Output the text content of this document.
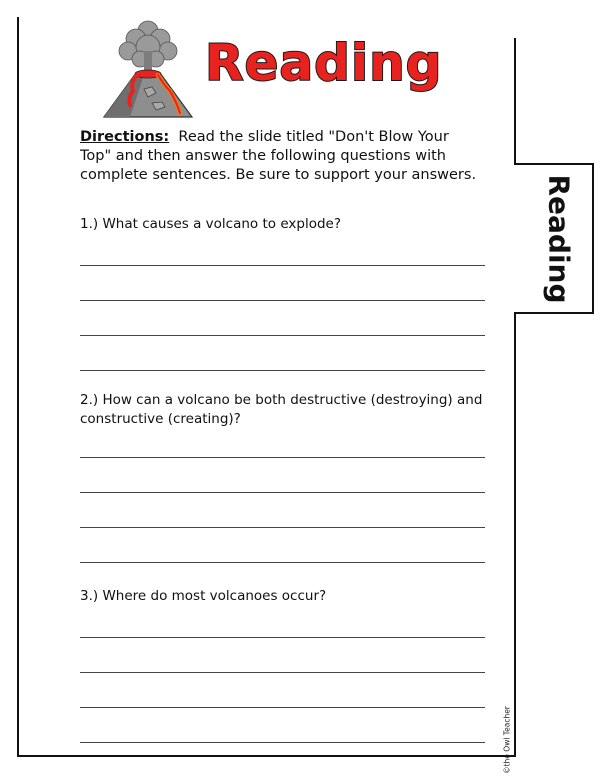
Reading
Directions: Read the slide titled "Don't Blow Your Top" and then answer the following questions with complete sentences. Be sure to support your answers.
1.) What causes a volcano to explode?
2.) How can a volcano be both destructive (destroying) and constructive (creating)?
3.) Where do most volcanoes occur?
Reading
©the Owl Teacher
